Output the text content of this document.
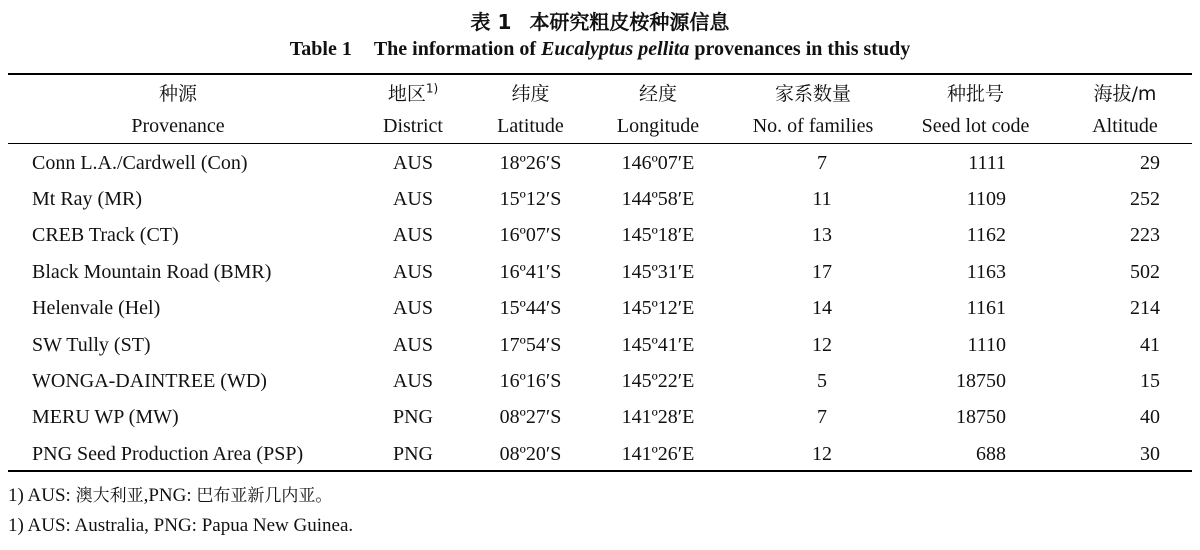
表 1 本研究粗皮桉种源信息
Table 1 The information of Eucalyptus pellita provenances in this study
种源	地区$^{1)}$	纬度	经度	家系数量	种批号	海拔/m
Provenance	District	Latitude	Longitude	No. of families	Seed lot code	Altitude
Conn L.A./Cardwell (Con)	AUS	18º26′S	146º07′E	7	1111	29
Mt Ray (MR)	AUS	15º12′S	144º58′E	11	1109	252
CREB Track (CT)	AUS	16º07′S	145º18′E	13	1162	223
Black Mountain Road (BMR)	AUS	16º41′S	145º31′E	17	1163	502
Helenvale (Hel)	AUS	15º44′S	145º12′E	14	1161	214
SW Tully (ST)	AUS	17º54′S	145º41′E	12	1110	41
WONGA-DAINTREE (WD)	AUS	16º16′S	145º22′E	5	18750	15
MERU WP (MW)	PNG	08º27′S	141º28′E	7	18750	40
PNG Seed Production Area (PSP)	PNG	08º20′S	141º26′E	12	688	30
1) AUS: 澳大利亚,PNG: 巴布亚新几内亚。
1) AUS: Australia, PNG: Papua New Guinea.
